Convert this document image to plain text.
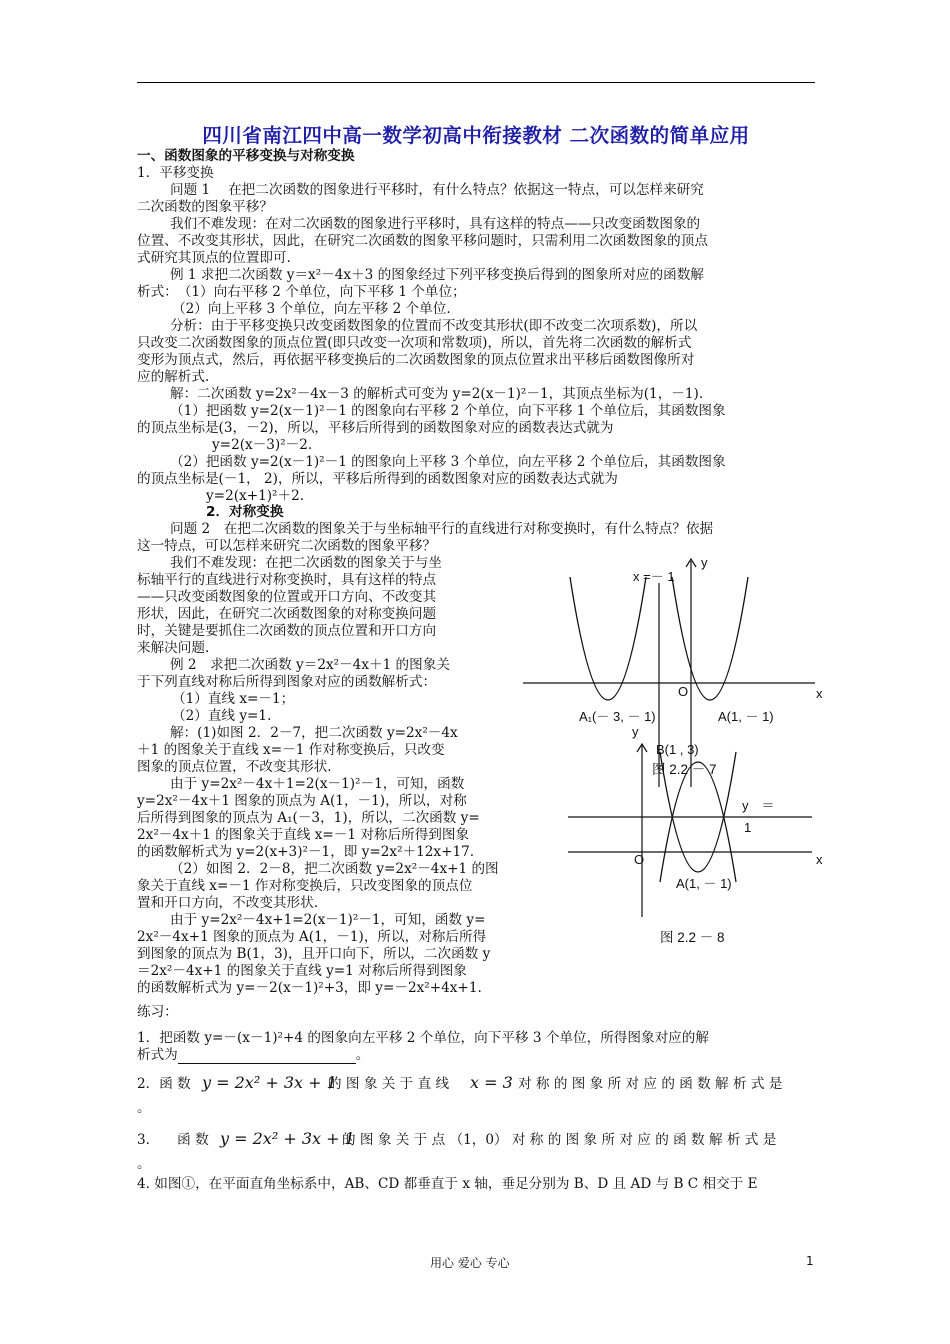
四川省南江四中高一数学初高中衔接教材 二次函数的简单应用
一、函数图象的平移变换与对称变换
1．平移变换
问题 1　 在把二次函数的图象进行平移时，有什么特点？依据这一特点，可以怎样来研究
二次函数的图象平移？
我们不难发现：在对二次函数的图象进行平移时，具有这样的特点——只改变函数图象的
位置、不改变其形状，因此，在研究二次函数的图象平移问题时，只需利用二次函数图象的顶点
式研究其顶点的位置即可.
例 1 求把二次函数 y＝x²－4x＋3 的图象经过下列平移变换后得到的图象所对应的函数解
析式：　（1）向右平移 2 个单位，向下平移 1 个单位；
（2）向上平移 3 个单位，向左平移 2 个单位.
分析：由于平移变换只改变函数图象的位置而不改变其形状(即不改变二次项系数)，所以
只改变二次函数图象的顶点位置(即只改变一次项和常数项)，所以，首先将二次函数的解析式
变形为顶点式，然后，再依据平移变换后的二次函数图象的顶点位置求出平移后函数图像所对
应的解析式.
解：二次函数 y=2x²－4x－3 的解析式可变为 y=2(x－1)²－1，其顶点坐标为(1，－1).
（1）把函数 y=2(x－1)²－1 的图象向右平移 2 个单位，向下平移 1 个单位后，其函数图象
的顶点坐标是(3，－2)，所以，平移后所得到的函数图象对应的函数表达式就为
y=2(x－3)²－2.
（2）把函数 y=2(x－1)²－1 的图象向上平移 3 个单位，向左平移 2 个单位后，其函数图象
的顶点坐标是(－1， 2)，所以，平移后所得到的函数图象对应的函数表达式就为
y=2(x+1)²＋2.
2．对称变换
问题 2　在把二次函数的图象关于与坐标轴平行的直线进行对称变换时，有什么特点？依据
这一特点，可以怎样来研究二次函数的图象平移？
我们不难发现：在把二次函数的图象关于与坐
标轴平行的直线进行对称变换时，具有这样的特点
——只改变函数图象的位置或开口方向、不改变其
形状，因此，在研究二次函数图象的对称变换问题
时，关键是要抓住二次函数的顶点位置和开口方向
来解决问题.
例 2　求把二次函数 y＝2x²－4x＋1 的图象关
于下列直线对称后所得到图象对应的函数解析式：
（1）直线 x=－1；
（2）直线 y=1.
解：(1)如图 2．2－7，把二次函数 y=2x²－4x
＋1 的图象关于直线 x=－1 作对称变换后，只改变
图象的顶点位置，不改变其形状.
由于 y=2x²－4x＋1=2(x－1)²－1，可知，函数
y=2x²－4x＋1 图象的顶点为 A(1，－1)，所以，对称
后所得到图象的顶点为 A₁(－3，1)，所以，二次函数 y=
2x²－4x＋1 的图象关于直线 x=－1 对称后所得到图象
的函数解析式为 y=2(x+3)²－1，即 y=2x²＋12x+17.
（2）如图 2．2－8，把二次函数 y=2x²－4x+1 的图
象关于直线 x=－1 作对称变换后，只改变图象的顶点位
置和开口方向，不改变其形状.
由于 y=2x²－4x+1=2(x－1)²－1，可知，函数 y=
2x²－4x+1 图象的顶点为 A(1，－1)，所以，对称后所得
到图象的顶点为 B(1，3)，且开口向下，所以，二次函数 y
＝2x²－4x+1 的图象关于直线 y=1 对称后所得到图象
的函数解析式为 y=－2(x－1)²+3，即 y=－2x²+4x+1.
练习：
1．把函数 y=－(x－1)²+4 的图象向左平移 2 个单位，向下平移 3 个单位，所得图象对应的解
2．函 数	的 图 象 关 于 直 线	对 称 的 图 象 所 对 应 的 函 数 解 析 式 是
。
3.　　函 数	的 图 象 关 于 点 （1，0） 对 称 的 图 象 所 对 应 的 函 数 解 析 式 是
。
4. 如图①，在平面直角坐标系中，AB、CD 都垂直于 x 轴，垂足分别为 B、D 且 AD 与 B C 相交于 E
析式为	。
y = 2x² + 3x + 1	x = 3
y = 2x² + 3x + 1
x =－ 1
y
x
O
A₁(－ 3, － 1)	A(1, － 1)
图 2.2 － 7
y
x
O
B(1 , 3)
A(1, － 1)
y　＝
1
图 2.2 － 8
用心 爱心 专心	1
